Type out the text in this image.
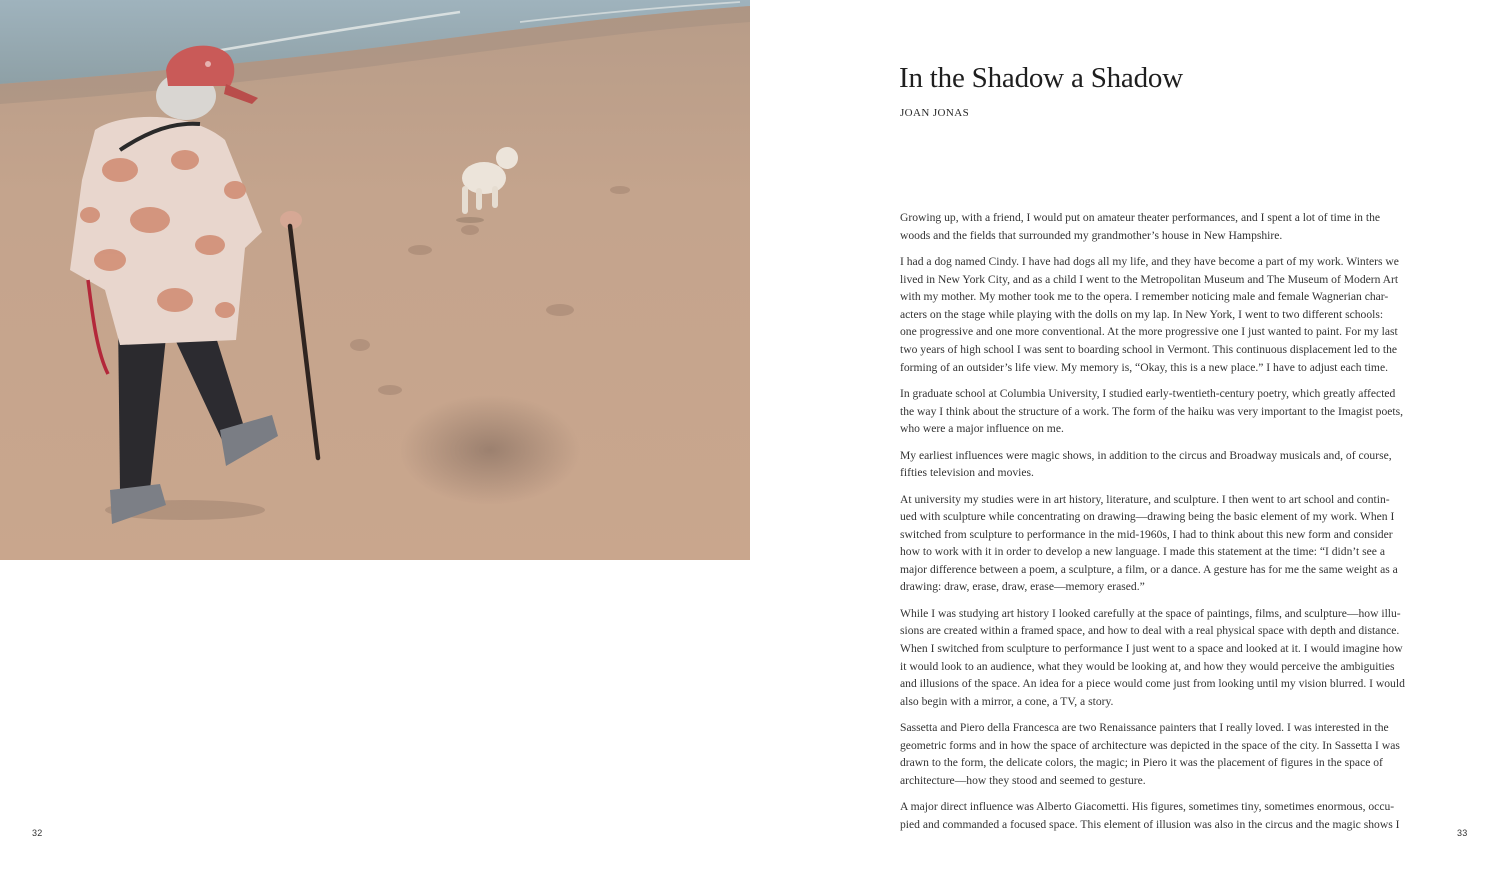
32
In the Shadow a Shadow
JOAN JONAS

Growing up, with a friend, I would put on amateur theater performances, and I spent a lot of time in the
woods and the fields that surrounded my grandmother’s house in New Hampshire.

I had a dog named Cindy. I have had dogs all my life, and they have become a part of my work. Winters we
lived in New York City, and as a child I went to the Metropolitan Museum and The Museum of Modern Art
with my mother. My mother took me to the opera. I remember noticing male and female Wagnerian char-
acters on the stage while playing with the dolls on my lap. In New York, I went to two different schools:
one progressive and one more conventional. At the more progressive one I just wanted to paint. For my last
two years of high school I was sent to boarding school in Vermont. This continuous displacement led to the
forming of an outsider’s life view. My memory is, “Okay, this is a new place.” I have to adjust each time.

In graduate school at Columbia University, I studied early-twentieth-century poetry, which greatly affected
the way I think about the structure of a work. The form of the haiku was very important to the Imagist poets,
who were a major influence on me.

My earliest influences were magic shows, in addition to the circus and Broadway musicals and, of course,
fifties television and movies.

At university my studies were in art history, literature, and sculpture. I then went to art school and contin-
ued with sculpture while concentrating on drawing—drawing being the basic element of my work. When I
switched from sculpture to performance in the mid-1960s, I had to think about this new form and consider
how to work with it in order to develop a new language. I made this statement at the time: “I didn’t see a
major difference between a poem, a sculpture, a film, or a dance. A gesture has for me the same weight as a
drawing: draw, erase, draw, erase—memory erased.”

While I was studying art history I looked carefully at the space of paintings, films, and sculpture—how illu-
sions are created within a framed space, and how to deal with a real physical space with depth and distance.
When I switched from sculpture to performance I just went to a space and looked at it. I would imagine how
it would look to an audience, what they would be looking at, and how they would perceive the ambiguities
and illusions of the space. An idea for a piece would come just from looking until my vision blurred. I would
also begin with a mirror, a cone, a TV, a story.

Sassetta and Piero della Francesca are two Renaissance painters that I really loved. I was interested in the
geometric forms and in how the space of architecture was depicted in the space of the city. In Sassetta I was
drawn to the form, the delicate colors, the magic; in Piero it was the placement of figures in the space of
architecture—how they stood and seemed to gesture.

A major direct influence was Alberto Giacometti. His figures, sometimes tiny, sometimes enormous, occu-
pied and commanded a focused space. This element of illusion was also in the circus and the magic shows I

33
